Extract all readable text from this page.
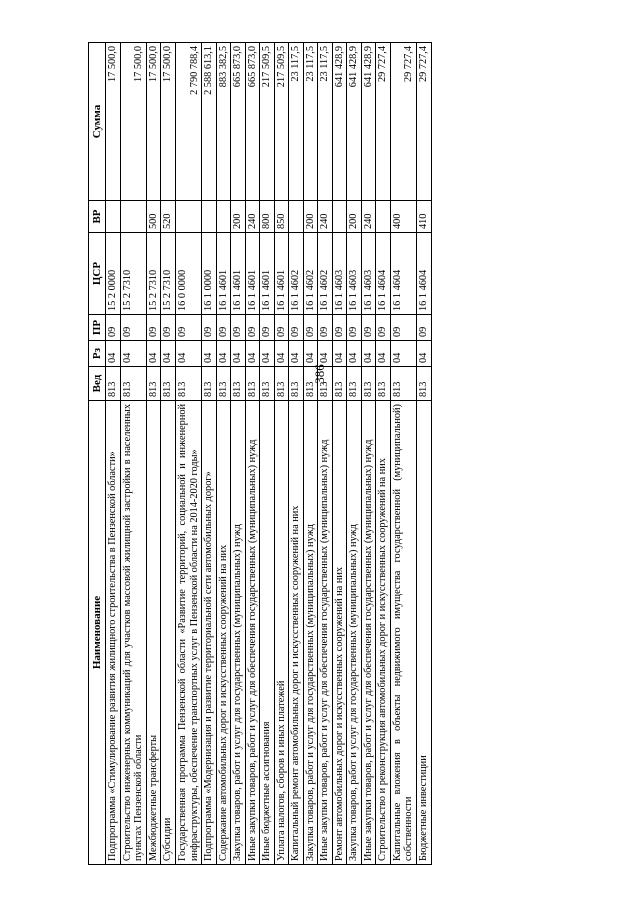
386
Наименование	Вед	Рз	ПР	ЦСР	ВР	Сумма
Подпрограмма «Стимулирование развития жилищного строительства в Пензенской области»	813	04	09	15 2 0000		17 500,0
Строительство инженерных коммуникаций для участков массовой жилищной застройки в населенных пунктах Пензенской области	813	04	09	15 2 7310		17 500,0
Межбюджетные трансферты	813	04	09	15 2 7310	500	17 500,0
Субсидии	813	04	09	15 2 7310	520	17 500,0
Государственная программа Пензенской области «Развитие территорий, социальной и инженерной инфраструктуры, обеспечение транспортных услуг в Пензенской области на 2014-2020 годы»	813	04	09	16 0 0000		2 790 788,4
Подпрограмма «Модернизация и развитие территориальной сети автомобильных дорог»	813	04	09	16 1 0000		2 588 613,1
Содержание автомобильных дорог и искусственных сооружений на них	813	04	09	16 1 4601		883 382,5
Закупка товаров, работ и услуг для государственных (муниципальных) нужд	813	04	09	16 1 4601	200	665 873,0
Иные закупки товаров, работ и услуг для обеспечения государственных (муниципальных) нужд	813	04	09	16 1 4601	240	665 873,0
Иные бюджетные ассигнования	813	04	09	16 1 4601	800	217 509,5
Уплата налогов, сборов и иных платежей	813	04	09	16 1 4601	850	217 509,5
Капитальный ремонт автомобильных дорог и искусственных сооружений на них	813	04	09	16 1 4602		23 117,5
Закупка товаров, работ и услуг для государственных (муниципальных) нужд	813	04	09	16 1 4602	200	23 117,5
Иные закупки товаров, работ и услуг для обеспечения государственных (муниципальных) нужд	813	04	09	16 1 4602	240	23 117,5
Ремонт автомобильных дорог и искусственных сооружений на них	813	04	09	16 1 4603		641 428,9
Закупка товаров, работ и услуг для государственных (муниципальных) нужд	813	04	09	16 1 4603	200	641 428,9
Иные закупки товаров, работ и услуг для обеспечения государственных (муниципальных) нужд	813	04	09	16 1 4603	240	641 428,9
Строительство и реконструкция автомобильных дорог и искусственных сооружений на них	813	04	09	16 1 4604		29 727,4
Капитальные вложения в объекты недвижимого имущества государственной (муниципальной) собственности	813	04	09	16 1 4604	400	29 727,4
Бюджетные инвестиции	813	04	09	16 1 4604	410	29 727,4
